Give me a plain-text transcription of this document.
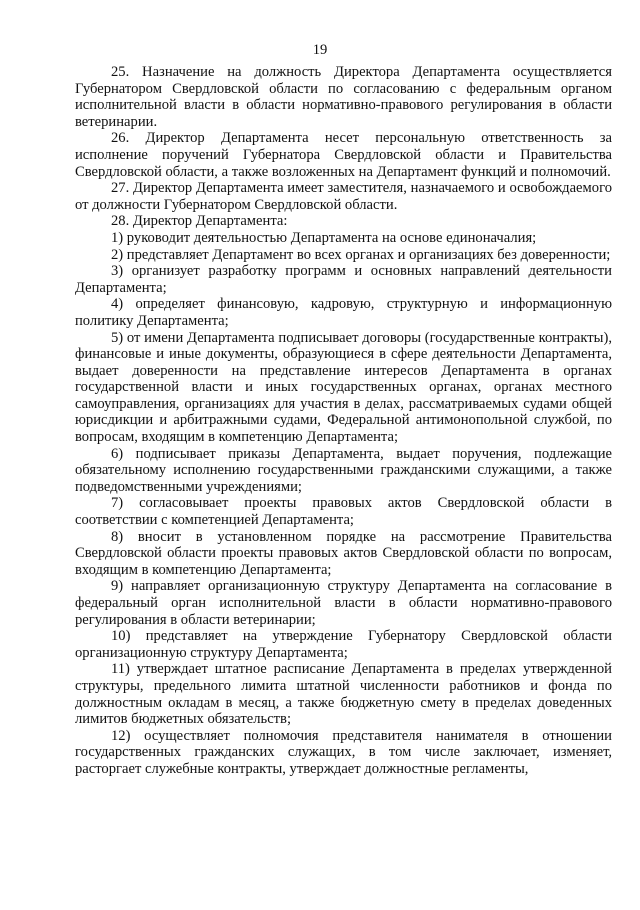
19

25. Назначение на должность Директора Департамента осуществляется Губернатором Свердловской области по согласованию с федеральным органом исполнительной власти в области нормативно-правового регулирования в области ветеринарии.

26. Директор Департамента несет персональную ответственность за исполнение поручений Губернатора Свердловской области и Правительства Свердловской области, а также возложенных на Департамент функций и полномочий.

27. Директор Департамента имеет заместителя, назначаемого и освобождаемого от должности Губернатором Свердловской области.

28. Директор Департамента:

1) руководит деятельностью Департамента на основе единоначалия;

2) представляет Департамент во всех органах и организациях без доверенности;

3) организует разработку программ и основных направлений деятельности Департамента;

4) определяет финансовую, кадровую, структурную и информационную политику Департамента;

5) от имени Департамента подписывает договоры (государственные контракты), финансовые и иные документы, образующиеся в сфере деятельности Департамента, выдает доверенности на представление интересов Департамента в органах государственной власти и иных государственных органах, органах местного самоуправления, организациях для участия в делах, рассматриваемых судами общей юрисдикции и арбитражными судами, Федеральной антимонопольной службой, по вопросам, входящим в компетенцию Департамента;

6) подписывает приказы Департамента, выдает поручения, подлежащие обязательному исполнению государственными гражданскими служащими, а также подведомственными учреждениями;

7) согласовывает проекты правовых актов Свердловской области в соответствии с компетенцией Департамента;

8) вносит в установленном порядке на рассмотрение Правительства Свердловской области проекты правовых актов Свердловской области по вопросам, входящим в компетенцию Департамента;

9) направляет организационную структуру Департамента на согласование в федеральный орган исполнительной власти в области нормативно-правового регулирования в области ветеринарии;

10) представляет на утверждение Губернатору Свердловской области организационную структуру Департамента;

11) утверждает штатное расписание Департамента в пределах утвержденной структуры, предельного лимита штатной численности работников и фонда по должностным окладам в месяц, а также бюджетную смету в пределах доведенных лимитов бюджетных обязательств;

12) осуществляет полномочия представителя нанимателя в отношении государственных гражданских служащих, в том числе заключает, изменяет, расторгает служебные контракты, утверждает должностные регламенты,
